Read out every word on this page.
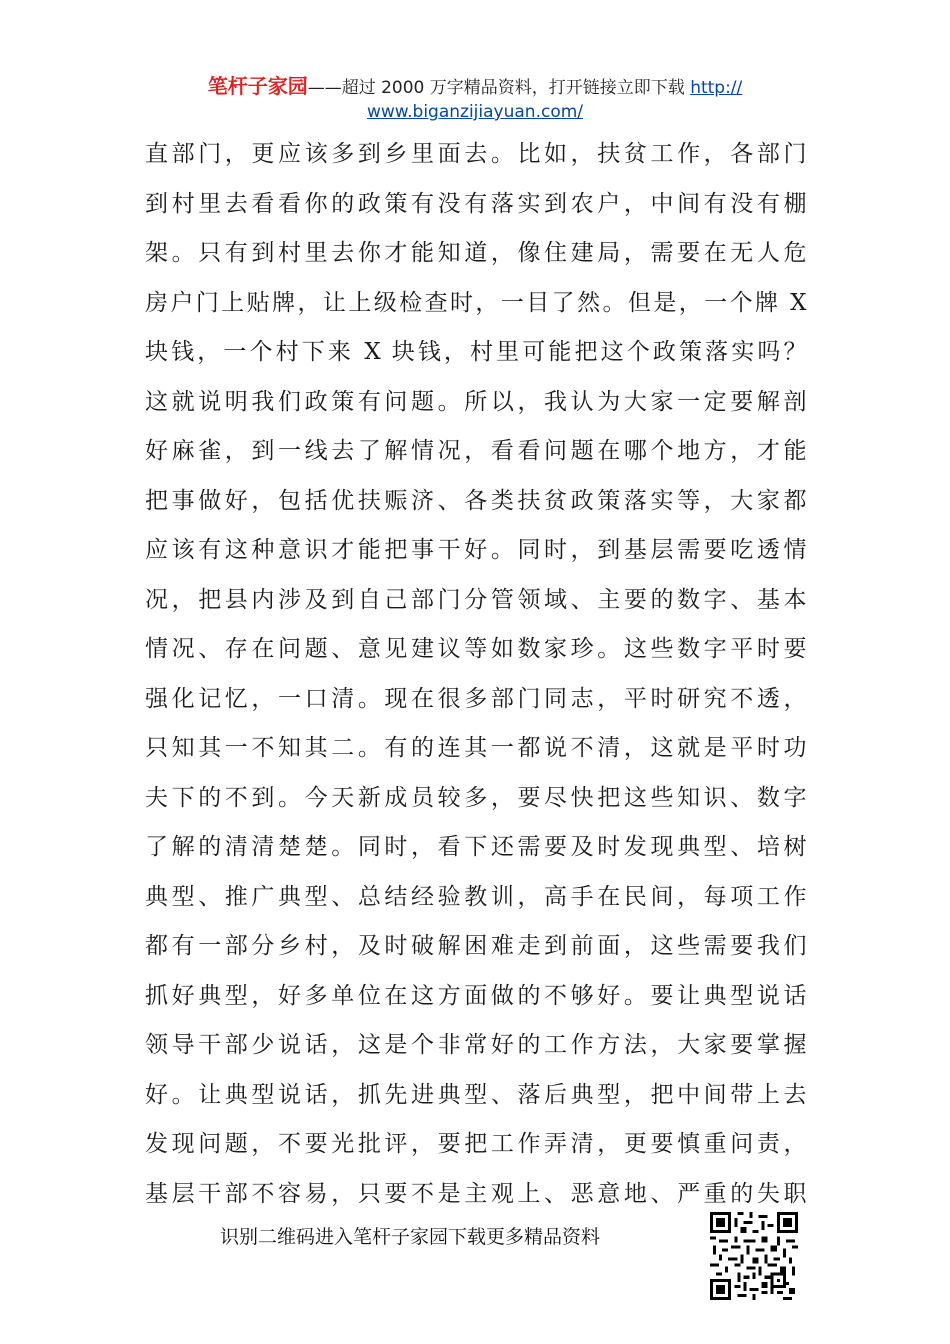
笔杆子家园——超过 2000 万字精品资料，打开链接立即下载 http://
www.biganzijiayuan.com/
直部门，更应该多到乡里面去。比如，扶贫工作，各部门
到村里去看看你的政策有没有落实到农户，中间有没有棚
架。只有到村里去你才能知道，像住建局，需要在无人危
房户门上贴牌，让上级检查时，一目了然。但是，一个牌 X
块钱，一个村下来 X 块钱，村里可能把这个政策落实吗？
这就说明我们政策有问题。所以，我认为大家一定要解剖
好麻雀，到一线去了解情况，看看问题在哪个地方，才能
把事做好，包括优扶赈济、各类扶贫政策落实等，大家都
应该有这种意识才能把事干好。同时，到基层需要吃透情
况，把县内涉及到自己部门分管领域、主要的数字、基本
情况、存在问题、意见建议等如数家珍。这些数字平时要
强化记忆，一口清。现在很多部门同志，平时研究不透，
只知其一不知其二。有的连其一都说不清，这就是平时功
夫下的不到。今天新成员较多，要尽快把这些知识、数字
了解的清清楚楚。同时，看下还需要及时发现典型、培树
典型、推广典型、总结经验教训，高手在民间，每项工作
都有一部分乡村，及时破解困难走到前面，这些需要我们
抓好典型，好多单位在这方面做的不够好。要让典型说话
领导干部少说话，这是个非常好的工作方法，大家要掌握
好。让典型说话，抓先进典型、落后典型，把中间带上去
发现问题，不要光批评，要把工作弄清，更要慎重问责，
基层干部不容易，只要不是主观上、恶意地、严重的失职
识别二维码进入笔杆子家园下载更多精品资料
